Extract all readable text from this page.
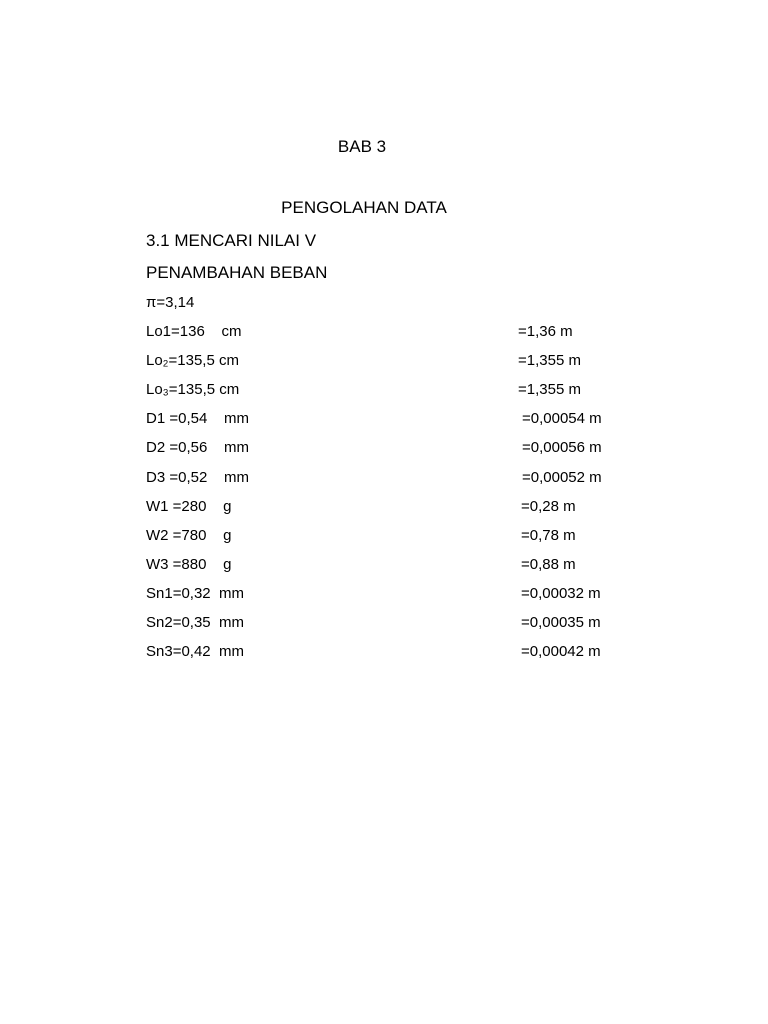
BAB 3
PENGOLAHAN DATA
3.1 MENCARI NILAI V
PENAMBAHAN BEBAN
π=3,14
Lo1=136    cm	=1,36 m
Lo₂=135,5 cm	=1,355 m
Lo₃=135,5 cm	=1,355 m
D1 =0,54    mm	=0,00054 m
D2 =0,56    mm	=0,00056 m
D3 =0,52    mm	=0,00052 m
W1 =280    g	=0,28 m
W2 =780    g	=0,78 m
W3 =880    g	=0,88 m
Sn1=0,32  mm	=0,00032 m
Sn2=0,35  mm	=0,00035 m
Sn3=0,42  mm	=0,00042 m
